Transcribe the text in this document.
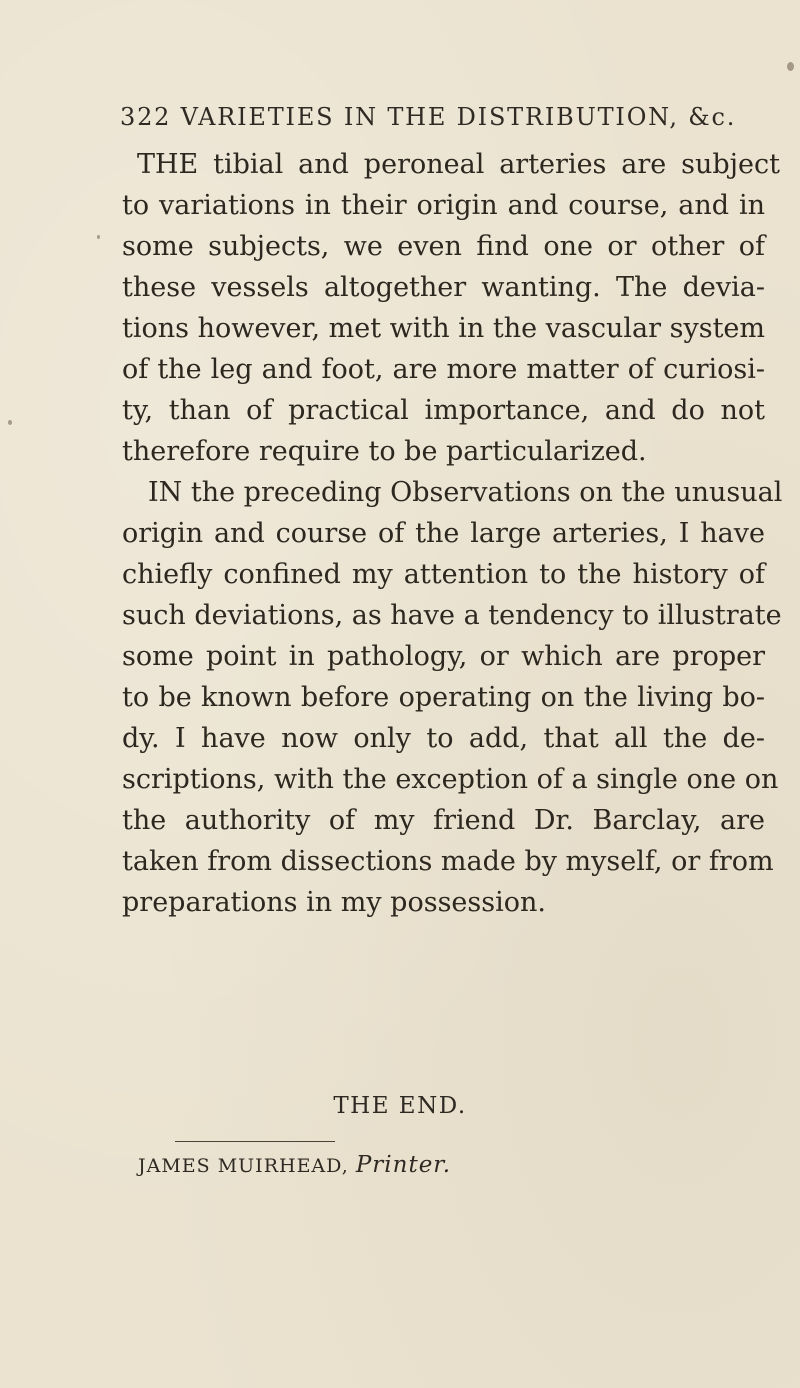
322 VARIETIES IN THE DISTRIBUTION, &c.
THE tibial and peroneal arteries are subject
to variations in their origin and course, and in
some subjects, we even find one or other of
these vessels altogether wanting. The devia-
tions however, met with in the vascular system
of the leg and foot, are more matter of curiosi-
ty, than of practical importance, and do not
therefore require to be particularized.
IN the preceding Observations on the unusual
origin and course of the large arteries, I have
chiefly confined my attention to the history of
such deviations, as have a tendency to illustrate
some point in pathology, or which are proper
to be known before operating on the living bo-
dy. I have now only to add, that all the de-
scriptions, with the exception of a single one on
the authority of my friend Dr. Barclay, are
taken from dissections made by myself, or from
preparations in my possession.
THE END.
JAMES MUIRHEAD, Printer.
